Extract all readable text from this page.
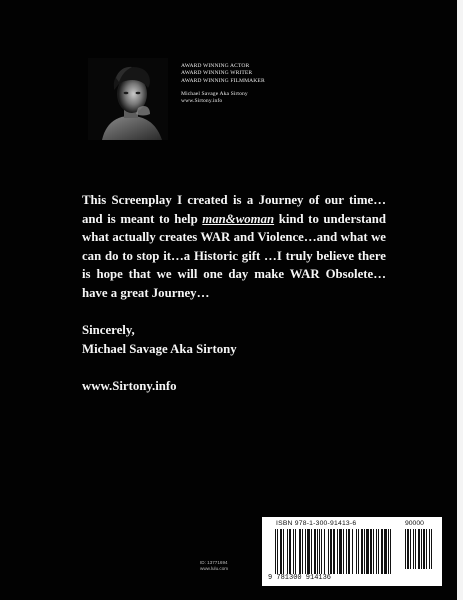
AWARD WINNING ACTOR
AWARD WINNING WRITER
AWARD WINNING FILMMAKER
Michael Savage Aka Sirtony
www.Sirtony.info

This Screenplay I created is a Journey of our time…and is meant to help man&woman kind to understand what actually creates WAR and Violence…and what we can do to stop it…a Historic gift …I truly believe there is hope that we will one day make WAR Obsolete…have a great Journey…

Sincerely,
Michael Savage Aka Sirtony
www.Sirtony.info
ISBN 978-1-300-91413-6	90000
9 781300 914136
ID: 13771694
www.lulu.com
